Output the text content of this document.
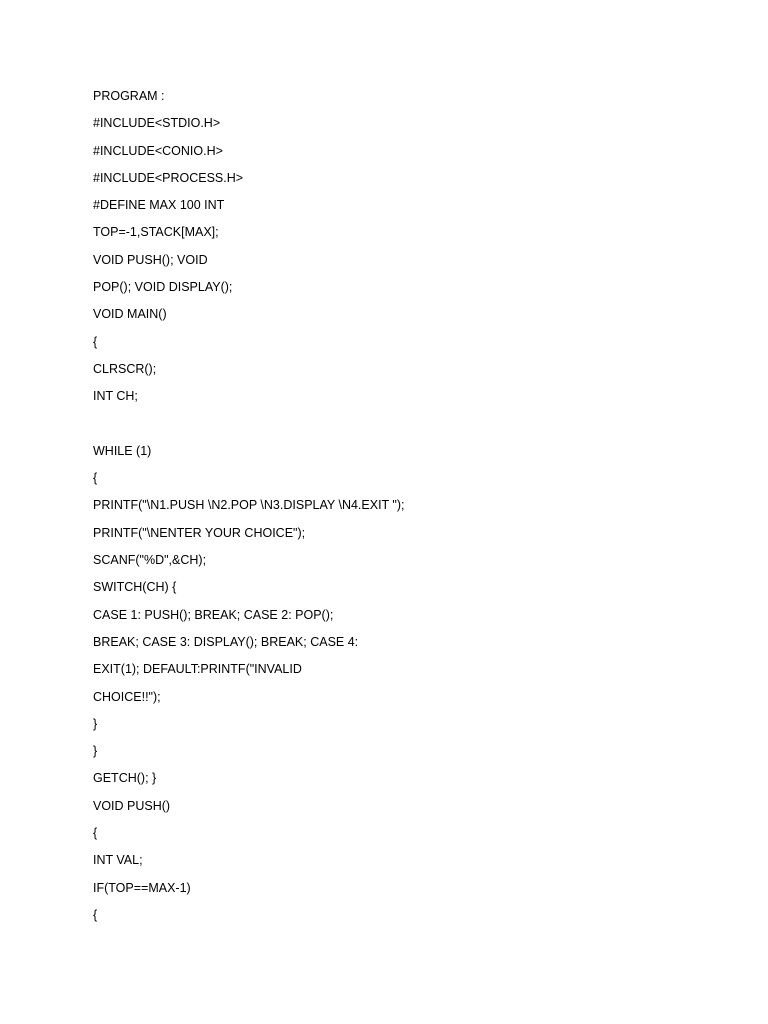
PROGRAM :
#INCLUDE<STDIO.H>
#INCLUDE<CONIO.H>
#INCLUDE<PROCESS.H>
#DEFINE MAX 100 INT
TOP=-1,STACK[MAX];
VOID PUSH(); VOID
POP(); VOID DISPLAY();
VOID MAIN()
{
CLRSCR();
INT CH;
WHILE (1)
{
PRINTF("\N1.PUSH \N2.POP \N3.DISPLAY \N4.EXIT ");
PRINTF("\NENTER YOUR CHOICE");
SCANF("%D",&CH);
SWITCH(CH) {
CASE 1: PUSH(); BREAK; CASE 2: POP();
BREAK; CASE 3: DISPLAY(); BREAK; CASE 4:
EXIT(1); DEFAULT:PRINTF("INVALID
CHOICE!!");
}
}
GETCH(); }
VOID PUSH()
{
INT VAL;
IF(TOP==MAX-1)
{
